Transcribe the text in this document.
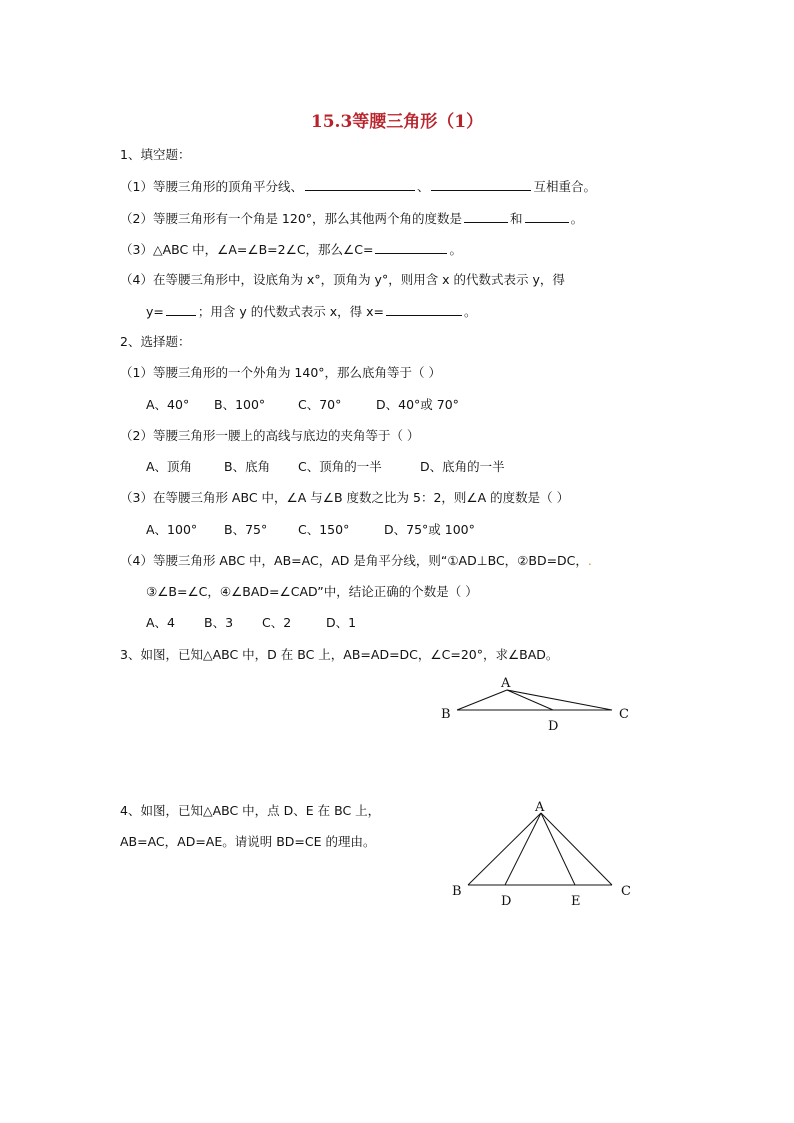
15.3等腰三角形（1）
1、填空题：
（1）等腰三角形的顶角平分线、	、	互相重合。
（2）等腰三角形有一个角是 120°，那么其他两个角的度数是	和	。
（3）△ABC 中，∠A=∠B=2∠C，那么∠C=	。
（4）在等腰三角形中，设底角为 x°，顶角为 y°，则用含 x 的代数式表示 y，得
y=	；用含 y 的代数式表示 x，得 x=	。
2、选择题：
（1）等腰三角形的一个外角为 140°，那么底角等于（ ）
A、40° B、100°	C、70°	D、40°或 70°
（2）等腰三角形一腰上的高线与底边的夹角等于（ ）
A、顶角	B、底角 C、顶角的一半	D、底角的一半
（3）在等腰三角形 ABC 中，∠A 与∠B 度数之比为 5：2，则∠A 的度数是（ ）
A、100° B、75° C、150°	D、75°或 100°
（4）等腰三角形 ABC 中，AB=AC，AD 是角平分线，则“①AD⊥BC，②BD=DC，.
③∠B=∠C，④∠BAD=∠CAD”中，结论正确的个数是（ ）
A、4 B、3 C、2	D、1
3、如图，已知△ABC 中，D 在 BC 上，AB=AD=DC，∠C=20°，求∠BAD。
A
B	C
D
4、如图，已知△ABC 中，点 D、E 在 BC 上，
AB=AC，AD=AE。请说明 BD=CE 的理由。
A
B	C
D	E
